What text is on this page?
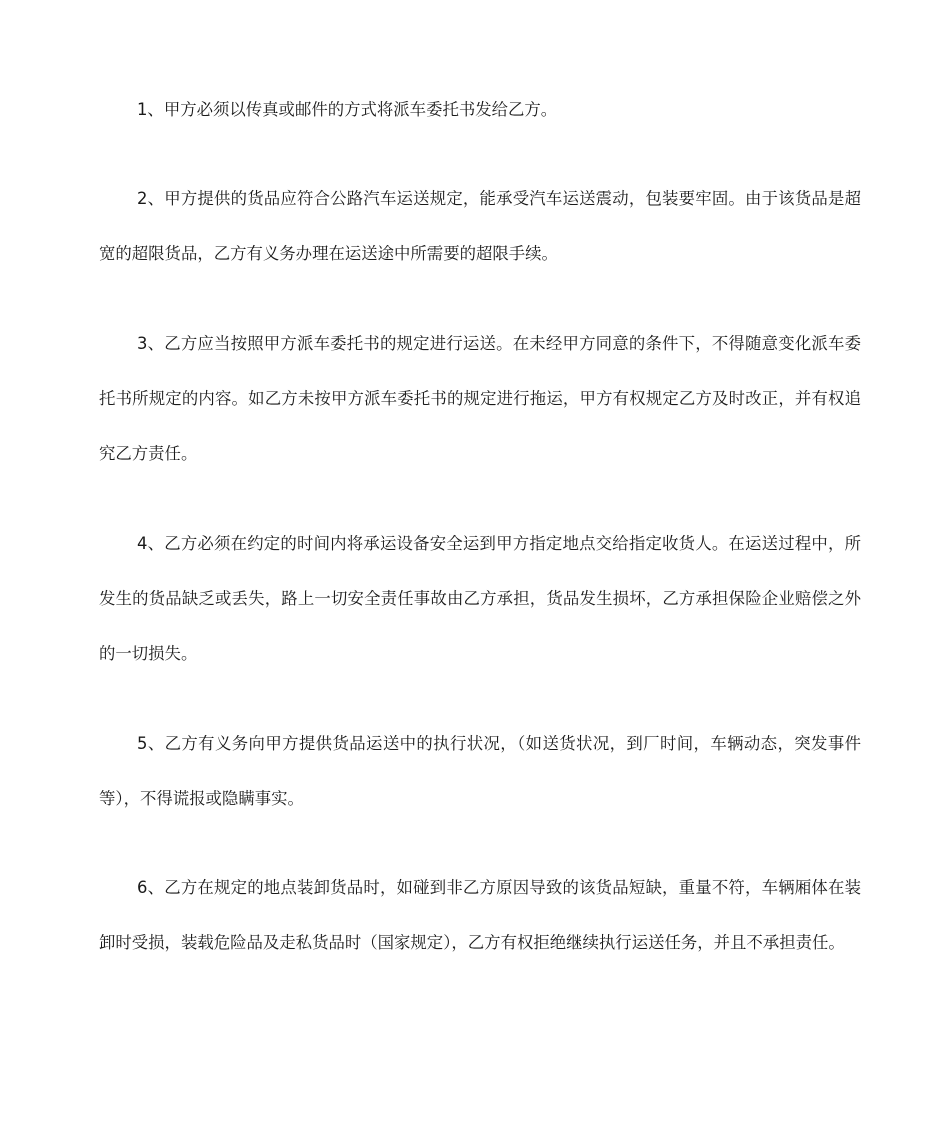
1、甲方必须以传真或邮件的方式将派车委托书发给乙方。

2、甲方提供的货品应符合公路汽车运送规定，能承受汽车运送震动，包装要牢固。由于该货品是超宽的超限货品，乙方有义务办理在运送途中所需要的超限手续。

3、乙方应当按照甲方派车委托书的规定进行运送。在未经甲方同意的条件下，不得随意变化派车委托书所规定的内容。如乙方未按甲方派车委托书的规定进行拖运，甲方有权规定乙方及时改正，并有权追究乙方责任。

4、乙方必须在约定的时间内将承运设备安全运到甲方指定地点交给指定收货人。在运送过程中，所发生的货品缺乏或丢失，路上一切安全责任事故由乙方承担，货品发生损坏，乙方承担保险企业赔偿之外的一切损失。

5、乙方有义务向甲方提供货品运送中的执行状况，（如送货状况，到厂时间，车辆动态，突发事件等），不得谎报或隐瞒事实。

6、乙方在规定的地点装卸货品时，如碰到非乙方原因导致的该货品短缺，重量不符，车辆厢体在装卸时受损，装载危险品及走私货品时（国家规定），乙方有权拒绝继续执行运送任务，并且不承担责任。
